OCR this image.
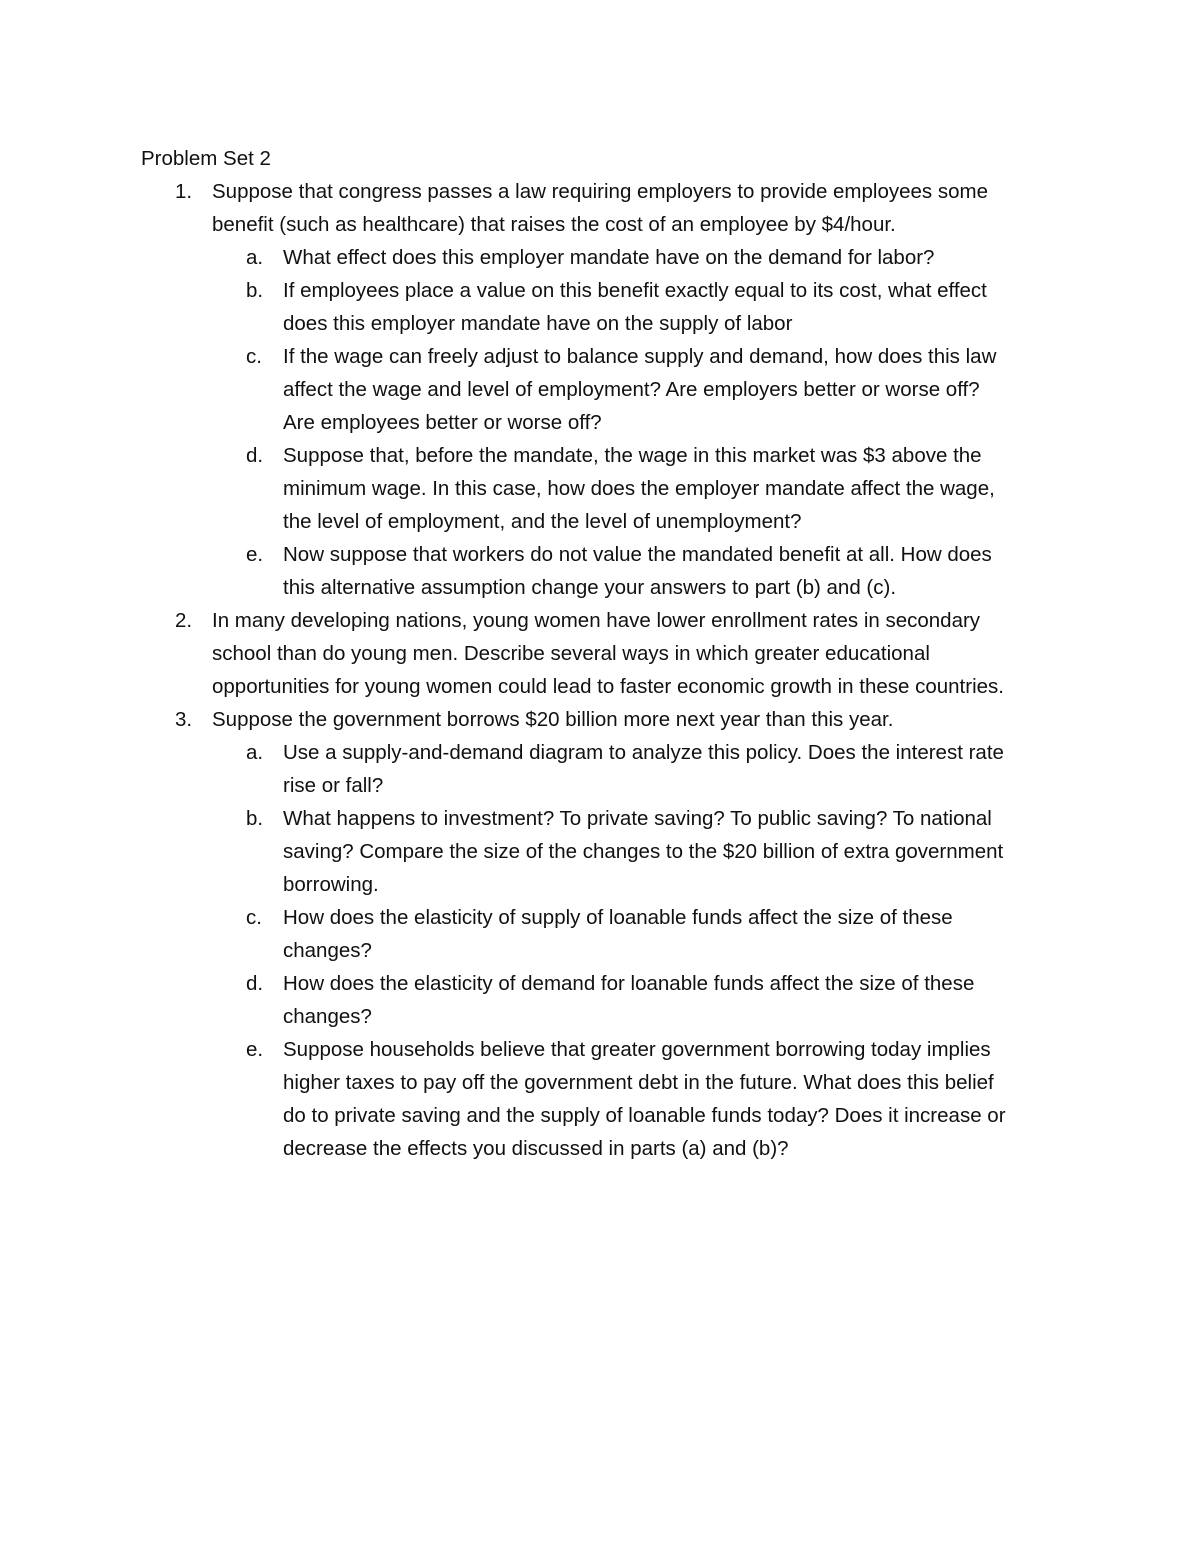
Problem Set 2
1. Suppose that congress passes a law requiring employers to provide employees some
benefit (such as healthcare) that raises the cost of an employee by $4/hour.
a. What effect does this employer mandate have on the demand for labor?
b. If employees place a value on this benefit exactly equal to its cost, what effect
does this employer mandate have on the supply of labor
c. If the wage can freely adjust to balance supply and demand, how does this law
affect the wage and level of employment? Are employers better or worse off?
Are employees better or worse off?
d. Suppose that, before the mandate, the wage in this market was $3 above the
minimum wage. In this case, how does the employer mandate affect the wage,
the level of employment, and the level of unemployment?
e. Now suppose that workers do not value the mandated benefit at all. How does
this alternative assumption change your answers to part (b) and (c).
2. In many developing nations, young women have lower enrollment rates in secondary
school than do young men. Describe several ways in which greater educational
opportunities for young women could lead to faster economic growth in these countries.
3. Suppose the government borrows $20 billion more next year than this year.
a. Use a supply-and-demand diagram to analyze this policy. Does the interest rate
rise or fall?
b. What happens to investment? To private saving? To public saving? To national
saving? Compare the size of the changes to the $20 billion of extra government
borrowing.
c. How does the elasticity of supply of loanable funds affect the size of these
changes?
d. How does the elasticity of demand for loanable funds affect the size of these
changes?
e. Suppose households believe that greater government borrowing today implies
higher taxes to pay off the government debt in the future. What does this belief
do to private saving and the supply of loanable funds today? Does it increase or
decrease the effects you discussed in parts (a) and (b)?
